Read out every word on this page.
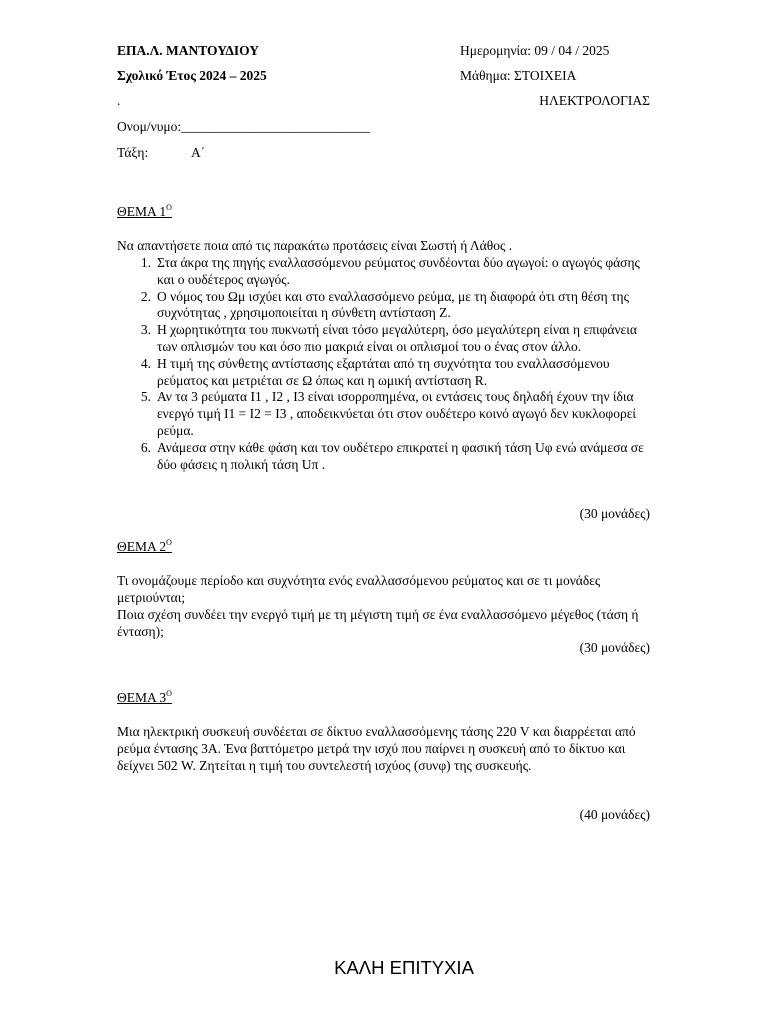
ΕΠΑ.Λ. ΜΑΝΤΟΥΔΙΟΥ
Σχολικό Έτος 2024 – 2025
.
Ημερομηνία: 09 / 04 / 2025
Μάθημα: ΣΤΟΙΧΕΙΑ
ΗΛΕΚΤΡΟΛΟΓΙΑΣ
Ονομ/νυμο:____________________________
Τάξη:	Α΄
ΘΕΜΑ $1^O$
Να απαντήσετε ποια από τις παρακάτω προτάσεις είναι Σωστή ή Λάθος .
1. Στα άκρα της πηγής εναλλασσόμενου ρεύματος συνδέονται δύο αγωγοί: ο αγωγός φάσης και ο ουδέτερος αγωγός.
2. Ο νόμος του Ωμ ισχύει και στο εναλλασσόμενο ρεύμα, με τη διαφορά ότι στη θέση της συχνότητας , χρησιμοποιείται η σύνθετη αντίσταση Ζ.
3. Η χωρητικότητα του πυκνωτή είναι τόσο μεγαλύτερη, όσο μεγαλύτερη είναι η επιφάνεια των οπλισμών του και όσο πιο μακριά είναι οι οπλισμοί του ο ένας στον άλλο.
4. Η τιμή της σύνθετης αντίστασης εξαρτάται από τη συχνότητα του εναλλασσόμενου ρεύματος και μετριέται σε Ω όπως και η ωμική αντίσταση R.
5. Αν τα 3 ρεύματα Ι1 , Ι2 , Ι3 είναι ισορροπημένα, οι εντάσεις τους δηλαδή έχουν την ίδια ενεργό τιμή Ι1 = Ι2 = Ι3 , αποδεικνύεται ότι στον ουδέτερο κοινό αγωγό δεν κυκλοφορεί ρεύμα.
6. Ανάμεσα στην κάθε φάση και τον ουδέτερο επικρατεί η φασική τάση Uφ ενώ ανάμεσα σε δύο φάσεις η πολική τάση Uπ .
(30 μονάδες)
ΘΕΜΑ $2^O$
Τι ονομάζουμε περίοδο και συχνότητα ενός εναλλασσόμενου ρεύματος και σε τι μονάδες μετριούνται;
Ποια σχέση συνδέει την ενεργό τιμή με τη μέγιστη τιμή σε ένα εναλλασσόμενο μέγεθος (τάση ή ένταση);
(30 μονάδες)
ΘΕΜΑ $3^O$
Μια ηλεκτρική συσκευή συνδέεται σε δίκτυο εναλλασσόμενης τάσης 220 V και διαρρέεται από ρεύμα έντασης 3Α. Ένα βαττόμετρο μετρά την ισχύ που παίρνει η συσκευή από το δίκτυο και δείχνει 502 W. Ζητείται η τιμή του συντελεστή ισχύος (συνφ) της συσκευής.
(40 μονάδες)
ΚΑΛΗ ΕΠΙΤΥΧΙΑ
